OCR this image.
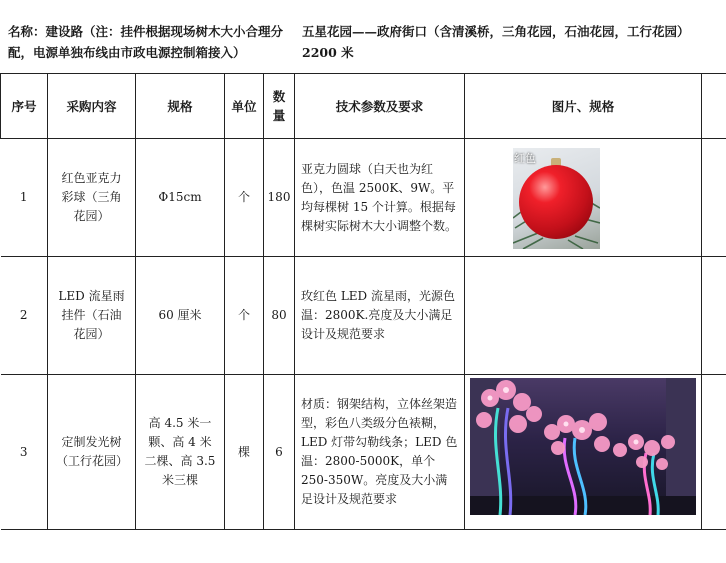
名称：建设路（注：挂件根据现场树木大小合理分配，电源单独布线由市政电源控制箱接入）
五星花园——政府街口（含清溪桥，三角花园，石油花园，工行花园）
2200 米
序号	采购内容	规格	单位	数量	技术参数及要求	图片、规格	
1	红色亚克力彩球（三角花园）	Φ15cm	个	180	亚克力圆球（白天也为红色），色温 2500K、9W。平均每棵树 15 个计算。根据每棵树实际树木大小调整个数。	红色	

2	LED 流星雨挂件（石油花园）	60 厘米	个	80	玫红色 LED 流星雨，光源色温：2800K.亮度及大小满足设计及规范要求		
3	定制发光树（工行花园）	高 4.5 米一颗、高 4 米二棵、高 3.5 米三棵	棵	6	材质：钢架结构，立体丝架造型，彩色八类级分色裱糊，LED 灯带勾勒线条；LED 色温：2800-5000K，单个 250-350W。亮度及大小满足设计及规范要求	
